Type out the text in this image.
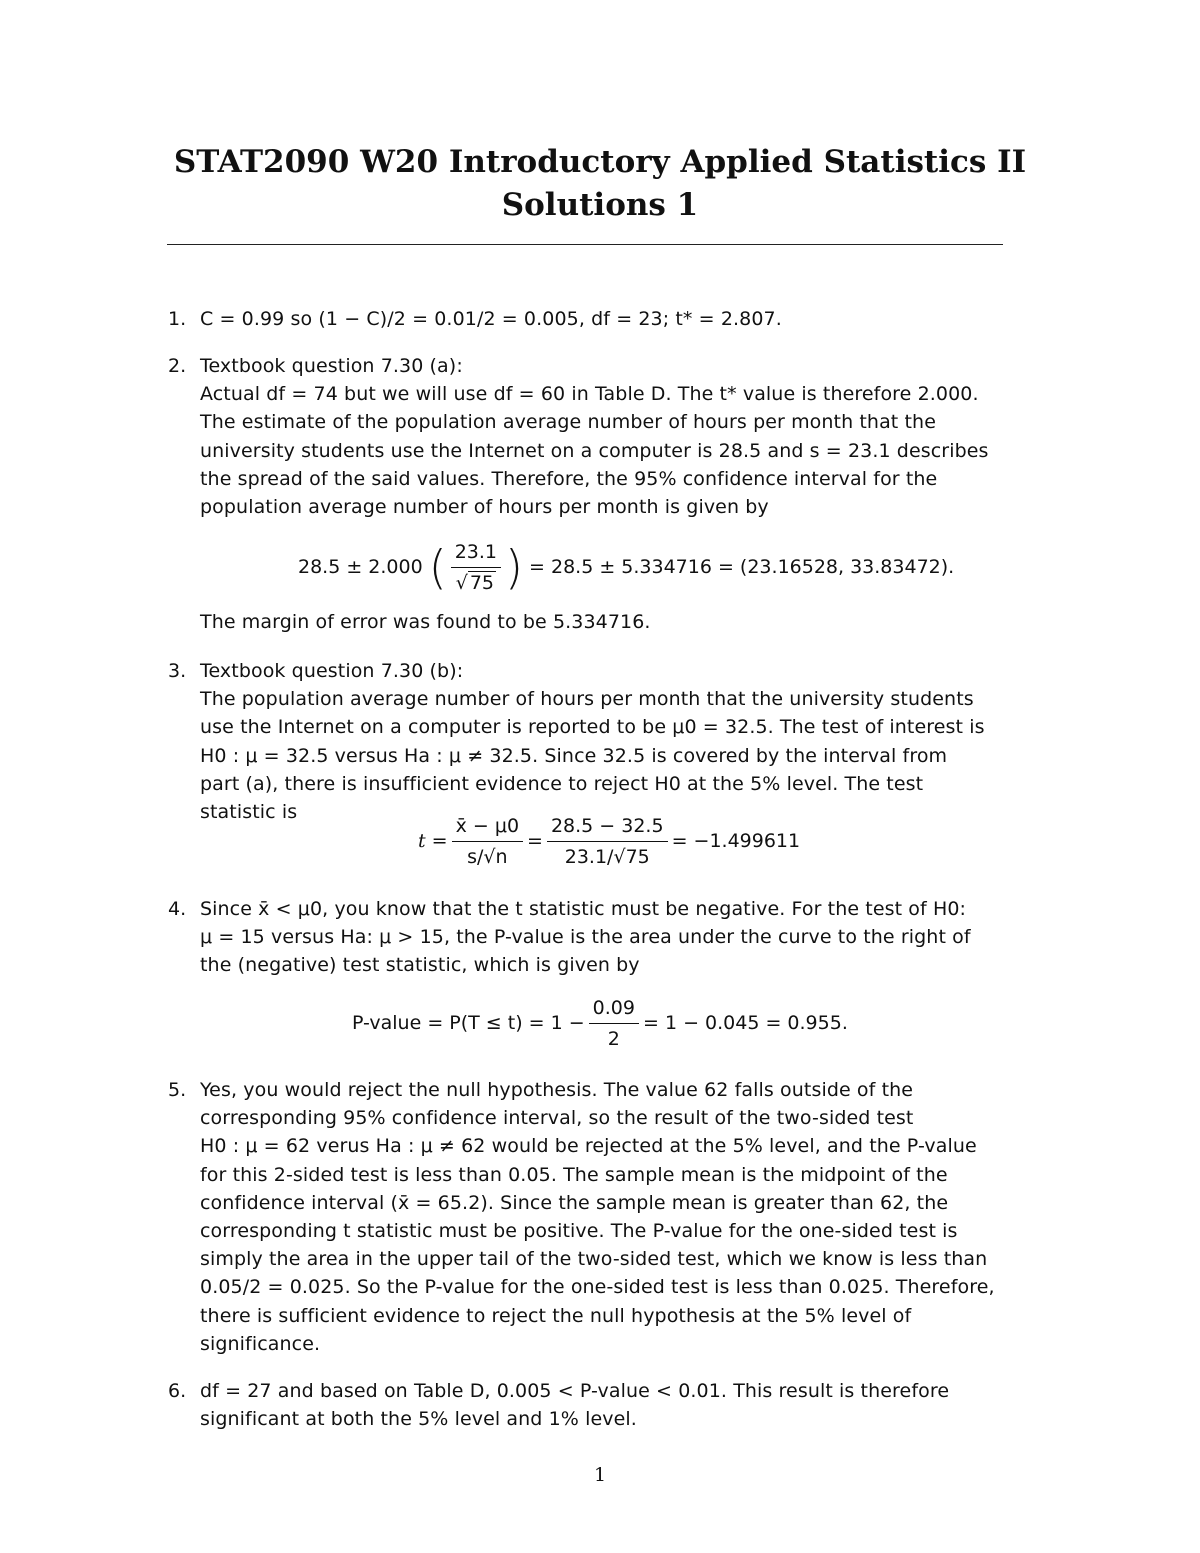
STAT2090 W20 Introductory Applied Statistics II
Solutions 1
1. C = 0.99 so (1 − C)/2 = 0.01/2 = 0.005, df = 23; t* = 2.807.
2. Textbook question 7.30 (a):
Actual df = 74 but we will use df = 60 in Table D. The t* value is therefore 2.000.
The estimate of the population average number of hours per month that the
university students use the Internet on a computer is 28.5 and s = 23.1 describes
the spread of the said values. Therefore, the 95% confidence interval for the
population average number of hours per month is given by
28.5 ± 2.000 ( $\frac{23.1}{√ 75}$ ) = 28.5 ± 5.334716 = (23.16528, 33.83472).
The margin of error was found to be 5.334716.
3. Textbook question 7.30 (b):
The population average number of hours per month that the university students
use the Internet on a computer is reported to be μ0 = 32.5. The test of interest is
H0 : μ = 32.5 versus Ha : μ ≠ 32.5. Since 32.5 is covered by the interval from
part (a), there is insufficient evidence to reject H0 at the 5% level. The test
statistic is
$t = \frac{x̄ - \mu 0}{s/√n} = \frac{28.5 - 32.5}{23.1/√75} = -1.499611$
4. Since x̄ < μ0, you know that the t statistic must be negative. For the test of H0:
μ = 15 versus Ha: μ > 15, the P-value is the area under the curve to the right of
the (negative) test statistic, which is given by
P-value = $P(T \le t) = 1 - \frac{0.09}{2} = 1 - 0.045 = 0.955$.
5. Yes, you would reject the null hypothesis. The value 62 falls outside of the
corresponding 95% confidence interval, so the result of the two-sided test
H0 : μ = 62 verus Ha : μ ≠ 62 would be rejected at the 5% level, and the P-value
for this 2-sided test is less than 0.05. The sample mean is the midpoint of the
confidence interval (x̄ = 65.2). Since the sample mean is greater than 62, the
corresponding t statistic must be positive. The P-value for the one-sided test is
simply the area in the upper tail of the two-sided test, which we know is less than
0.05/2 = 0.025. So the P-value for the one-sided test is less than 0.025. Therefore,
there is sufficient evidence to reject the null hypothesis at the 5% level of
significance.
6. df = 27 and based on Table D, 0.005 < P-value < 0.01. This result is therefore
significant at both the 5% level and 1% level.
1
